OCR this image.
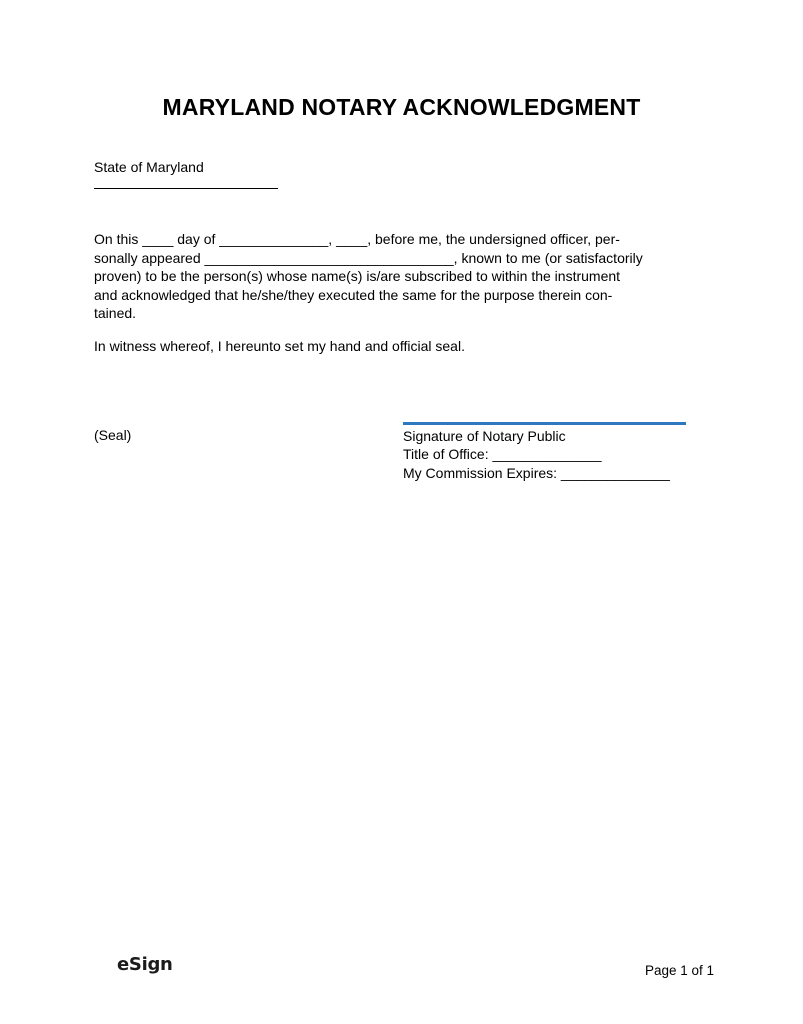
MARYLAND NOTARY ACKNOWLEDGMENT
State of Maryland
On this ____ day of ______________, ____, before me, the undersigned officer, per-
sonally appeared ________________________________, known to me (or satisfactorily
proven) to be the person(s) whose name(s) is/are subscribed to within the instrument
and acknowledged that he/she/they executed the same for the purpose therein con-
tained.
In witness whereof, I hereunto set my hand and official seal.
(Seal)	Signature of Notary Public
Title of Office: ______________
My Commission Expires: ______________
eSign	Page 1 of 1
